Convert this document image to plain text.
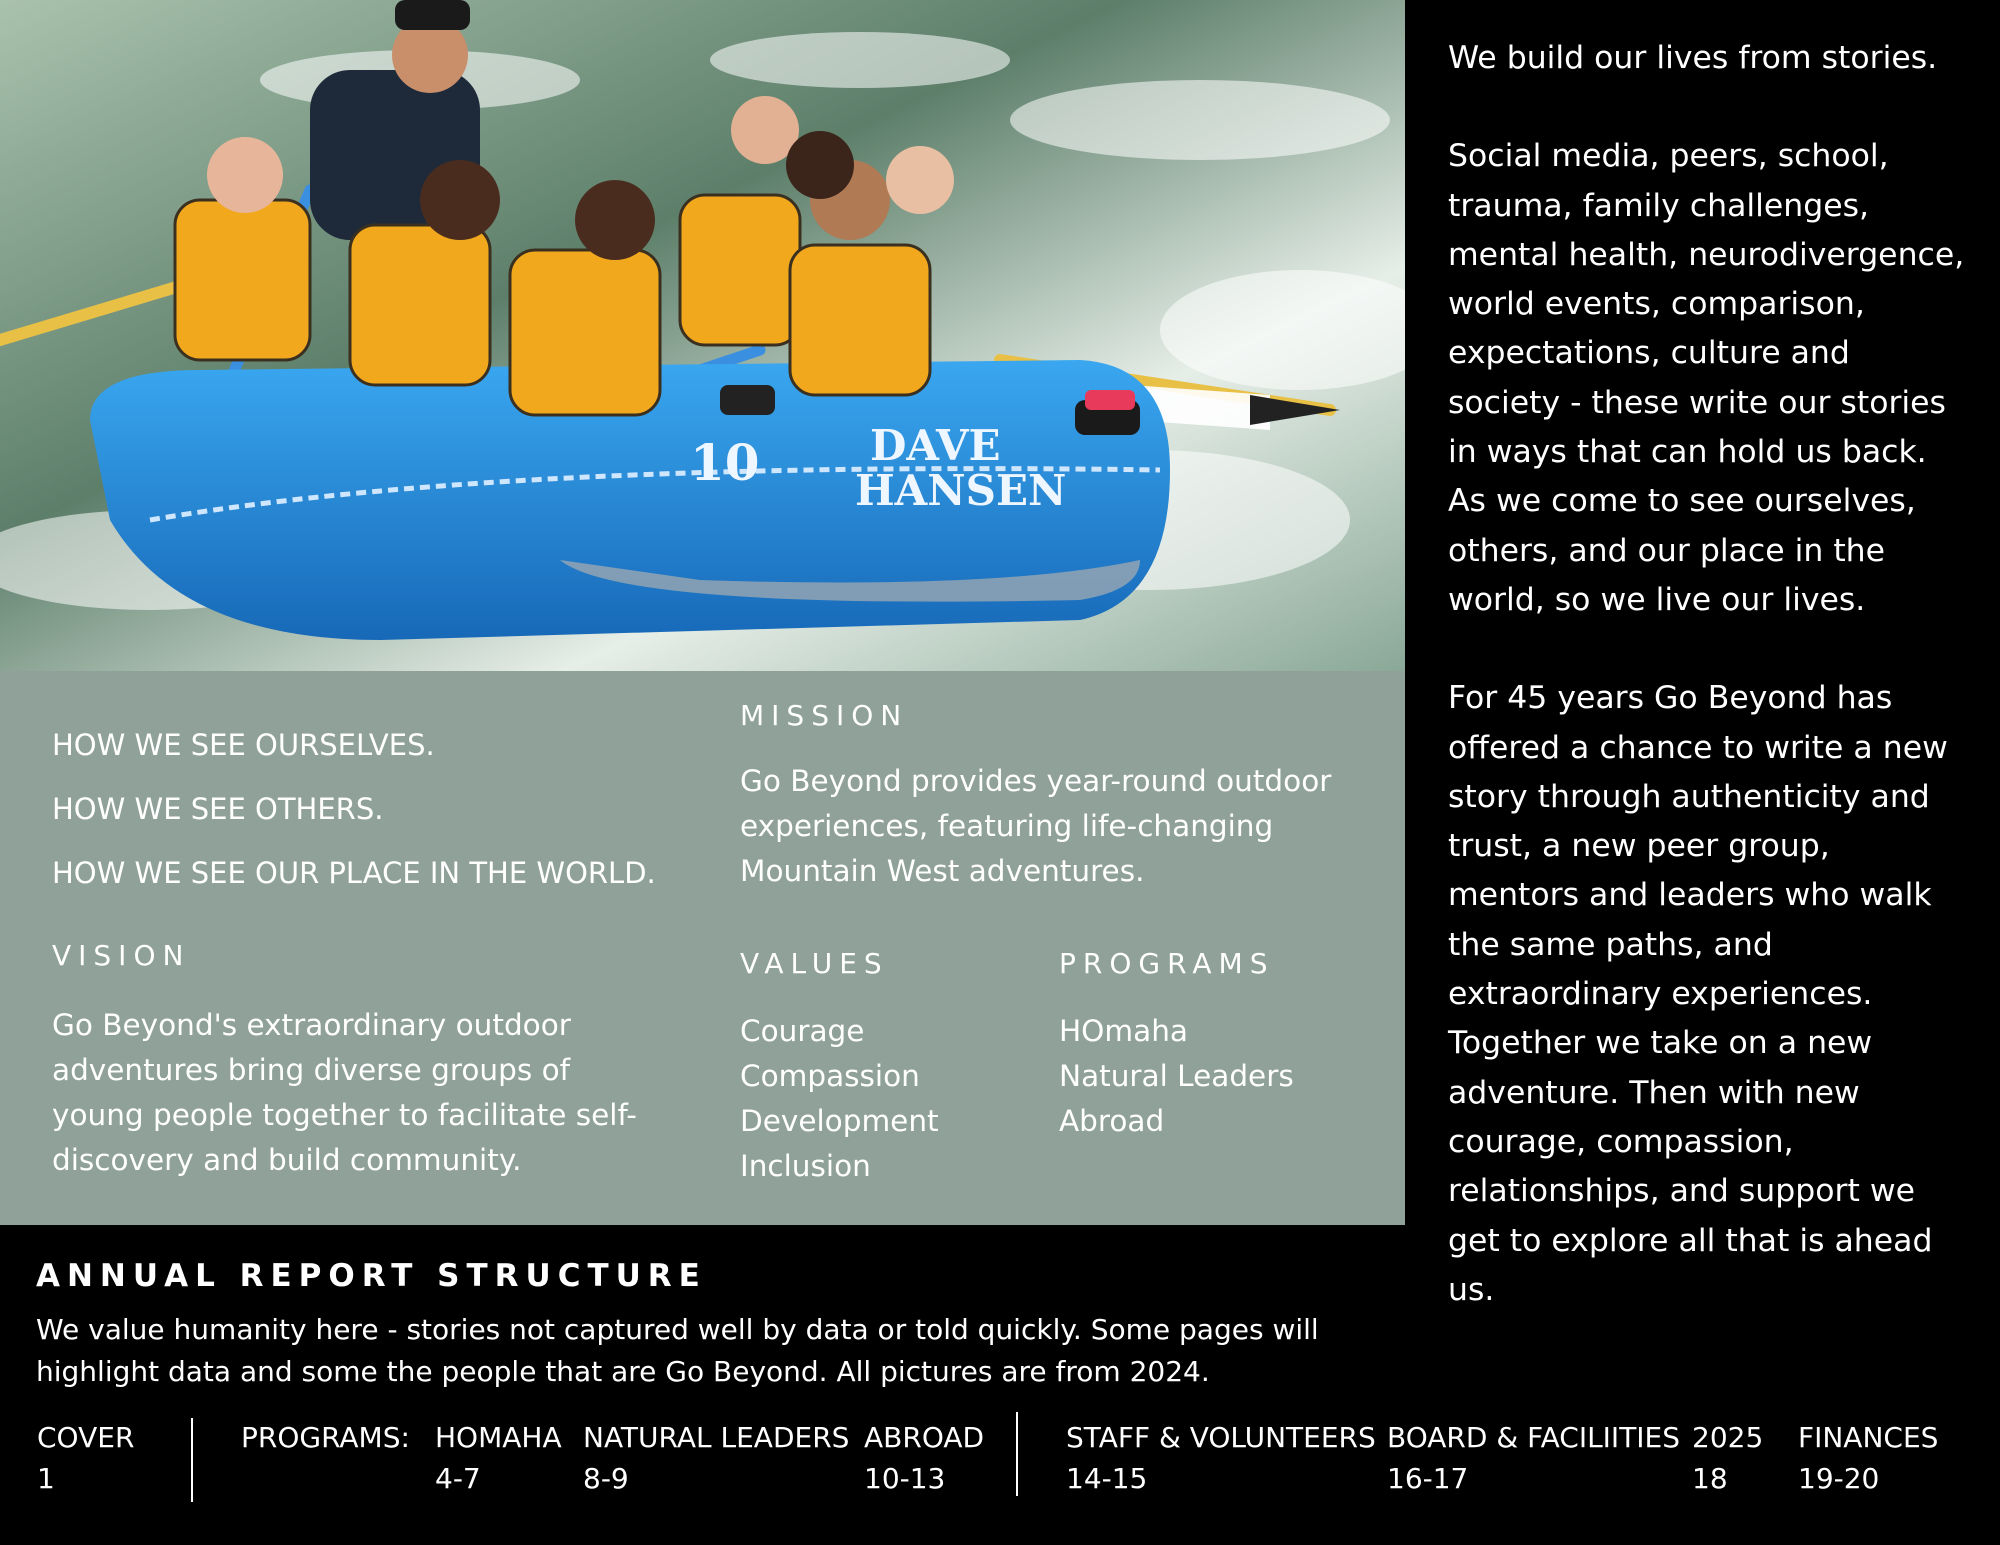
DAVE
HANSEN
10

We build our lives from stories.

Social media, peers, school, trauma, family challenges, mental health, neurodivergence, world events, comparison, expectations, culture and society - these write our stories in ways that can hold us back. As we come to see ourselves, others, and our place in the world, so we live our lives.

For 45 years Go Beyond has offered a chance to write a new story through authenticity and trust, a new peer group, mentors and leaders who walk the same paths, and extraordinary experiences. Together we take on a new adventure. Then with new courage, compassion, relationships, and support we get to explore all that is ahead us.

HOW WE SEE OURSELVES.
HOW WE SEE OTHERS.
HOW WE SEE OUR PLACE IN THE WORLD.
MISSION
Go Beyond provides year-round outdoor experiences, featuring life-changing Mountain West adventures.
VISION
Go Beyond's extraordinary outdoor adventures bring diverse groups of young people together to facilitate self-discovery and build community.
VALUES
Courage
Compassion
Development
Inclusion
PROGRAMS
HOmaha
Natural Leaders
Abroad
ANNUAL REPORT STRUCTURE
We value humanity here - stories not captured well by data or told quickly. Some pages will highlight data and some the people that are Go Beyond. All pictures are from 2024.
COVER
1
PROGRAMS: HOMAHA
4-7
NATURAL LEADERS
8-9
ABROAD
10-13
STAFF & VOLUNTEERS
14-15
BOARD & FACILIITIES
16-17
2025
18
FINANCES
19-20
